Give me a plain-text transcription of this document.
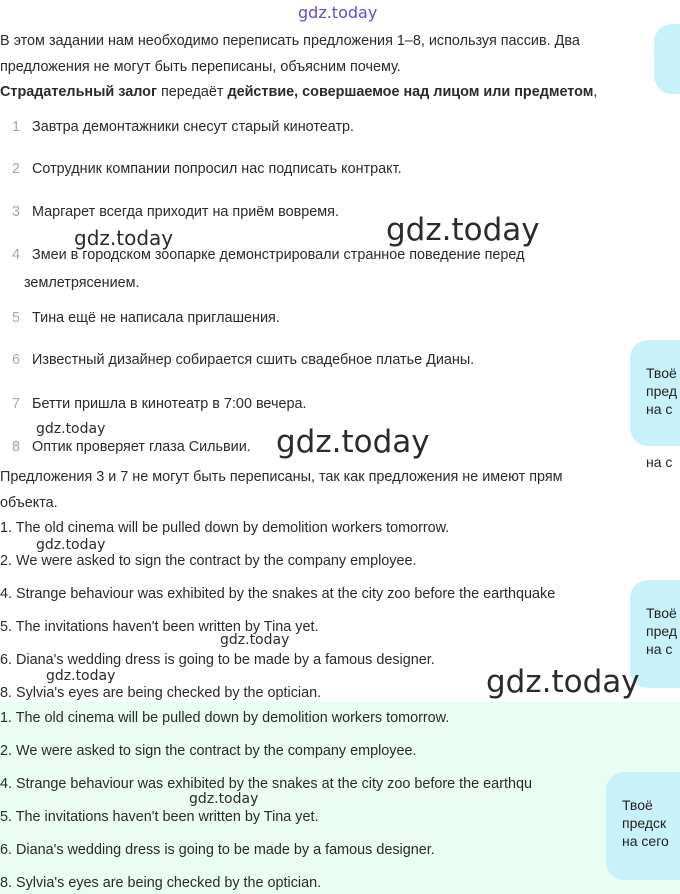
gdz.today
В этом задании нам необходимо переписать предложения 1–8, используя пассив. Два
предложения не могут быть переписаны, объясним почему.
Страдательный залог передаёт действие, совершаемое над лицом или предметом,
1 Завтра демонтажники снесут старый кинотеатр.
2 Сотрудник компании попросил нас подписать контракт.
3 Маргарет всегда приходит на приём вовремя.
4 Змеи в городском зоопарке демонстрировали странное поведение перед
землетрясением.
5 Тина ещё не написала приглашения.
6 Известный дизайнер собирается сшить свадебное платье Дианы.
7 Бетти пришла в кинотеатр в 7:00 вечера.
8 Оптик проверяет глаза Сильвии.
Предложения 3 и 7 не могут быть переписаны, так как предложения не имеют прям
объекта.
1. The old cinema will be pulled down by demolition workers tomorrow.
2. We were asked to sign the contract by the company employee.
4. Strange behaviour was exhibited by the snakes at the city zoo before the earthquake
5. The invitations haven't been written by Tina yet.
6. Diana's wedding dress is going to be made by a famous designer.
8. Sylvia's eyes are being checked by the optician.
1. The old cinema will be pulled down by demolition workers tomorrow.
2. We were asked to sign the contract by the company employee.
4. Strange behaviour was exhibited by the snakes at the city zoo before the earthqu
5. The invitations haven't been written by Tina yet.
6. Diana's wedding dress is going to be made by a famous designer.
8. Sylvia's eyes are being checked by the optician.
Твоё
пред
на с
на с
Твоё
пред
на с
Твоё
предск
на сего
gdz.today	gdz.today
gdz.today	gdz.today
gdz.today
gdz.today
gdz.today	gdz.today
gdz.today
